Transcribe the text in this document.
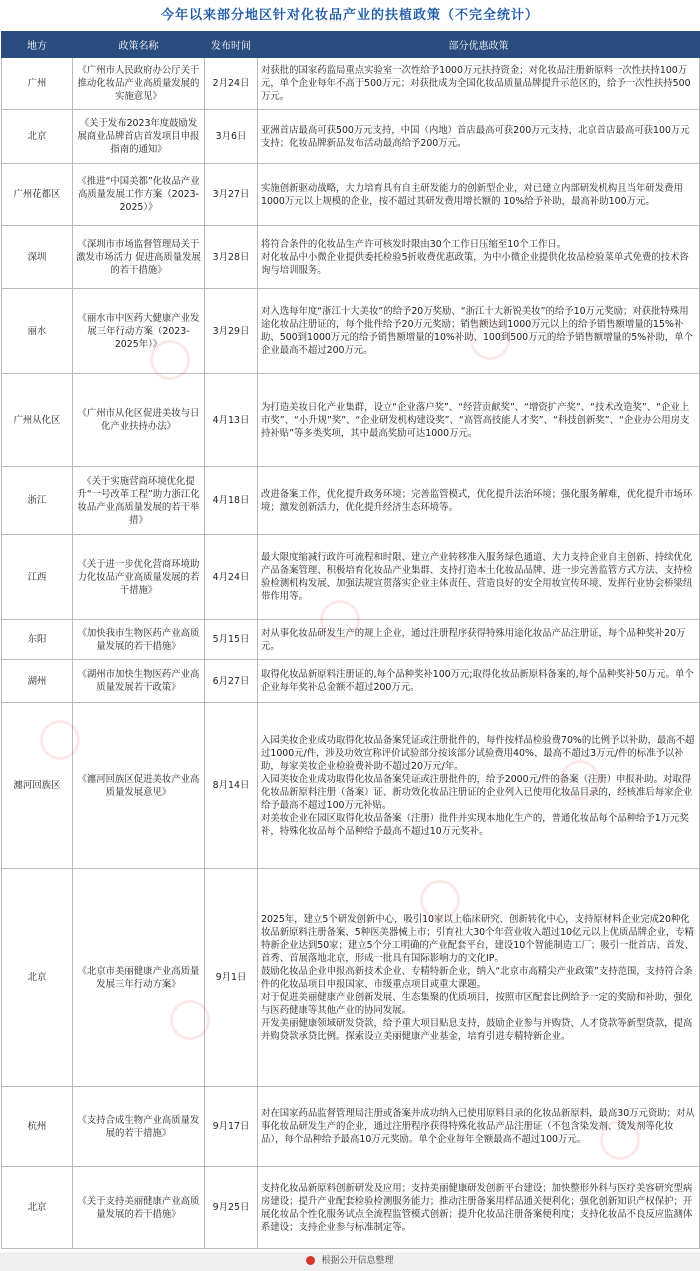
今年以来部分地区针对化妆品产业的扶植政策（不完全统计）
地方	政策名称	发布时间	部分优惠政策
广州	《广州市人民政府办公厅关于推动化妆品产业高质量发展的实施意见》	2月24日	对获批的国家药监局重点实验室一次性给予1000万元扶持资金；对化妆品注册新原料一次性扶持100万元，单个企业每年不高于500万元；对获批成为全国化妆品质量品牌提升示范区的，给予一次性扶持500万元。
北京	《关于发布2023年度鼓励发展商业品牌首店首发项目申报指南的通知》	3月6日	亚洲首店最高可获500万元支持，中国（内地）首店最高可获200万元支持，北京首店最高可获100万元支持；化妆品牌新品发布活动最高给予200万元。
广州花都区	《推进“中国美都”化妆品产业高质量发展工作方案（2023-2025）》	3月27日	实施创新驱动战略，大力培育具有自主研发能力的创新型企业，对已建立内部研发机构且当年研发费用1000万元以上规模的企业，按不超过其研发费用增长额的 10%给予补助，最高补助100万元。
深圳	《深圳市市场监督管理局关于激发市场活力 促进高质量发展的若干措施》	3月28日	将符合条件的化妆品生产许可核发时限由30个工作日压缩至10个工作日。
对化妆品中小微企业提供委托检验5折收费优惠政策，为中小微企业提供化妆品检验菜单式免费的技术咨询与培训服务。
丽水	《丽水市中医药大健康产业发展三年行动方案（2023-2025年）》	3月29日	对入选每年度“浙江十大美妆”的给予20万奖励、“浙江十大新锐美妆”的给予10万元奖励；对获批特殊用途化妆品注册证的，每个批件给予20万元奖励；销售额达到1000万元以上的给予销售额增量的15%补助、500到1000万元的给予销售额增量的10%补助、100到500万元的给予销售额增量的5%补助，单个企业最高不超过200万元。
广州从化区	《广州市从化区促进美妆与日化产业扶持办法》	4月13日	为打造美妆日化产业集群，设立“企业落户奖”、“经营贡献奖”、“增资扩产奖”、“技术改造奖”、“企业上市奖”、“小升规”奖”、“企业研发机构建设奖”、“高管高技能人才奖”、“科技创新奖”、“企业办公用房支持补贴”等多类奖项，其中最高奖励可达1000万元。
浙江	《关于实施营商环境优化提升“一号改革工程”助力浙江化妆品产业高质量发展的若干举措》	4月18日	改进备案工作，优化提升政务环境；完善监管模式，优化提升法治环境；强化服务解难，优化提升市场环境；激发创新活力，优化提升经济生态环境等。
江西	《关于进一步优化营商环境助力化妆品产业高质量发展的若干措施》	4月24日	最大限度缩减行政许可流程和时限、建立产业转移准入服务绿色通道、大力支持企业自主创新、持续优化产品备案管理、积极培育化妆品产业集群、支持打造本土化妆品品牌、进一步完善监管方式方法、支持检验检测机构发展、加强法规宣贯落实企业主体责任、营造良好的安全用妆宣传环境、发挥行业协会桥梁纽带作用等。
东阳	《加快我市生物医药产业高质量发展的若干措施》	5月15日	对从事化妆品研发生产的规上企业，通过注册程序获得特殊用途化妆品产品注册证，每个品种奖补20万元。
湖州	《湖州市加快生物医药产业高质量发展若干政策》	6月27日	取得化妆品新原料注册证的,每个品种奖补100万元;取得化妆品新原料备案的,每个品种奖补50万元。单个企业每年奖补总金额不超过200万元。
瀍河回族区	《瀍河回族区促进美妆产业高质量发展意见》	8月14日	入园美妆企业成功取得化妆品备案凭证或注册批件的，每件按样品检验费70%的比例予以补助，最高不超过1000元/件，涉及功效宣称评价试验部分按该部分试验费用40%、最高不超过3万元/件的标准予以补助，每家美妆企业检验费补助不超过20万元/年。
入园美妆企业成功取得化妆品备案凭证或注册批件的，给予2000元/件的备案（注册）申报补助。对取得化妆品新原料注册（备案）证、新功效化妆品注册证的企业列入已使用化妆品目录的，经核准后每家企业给予最高不超过100万元补贴。
对美妆企业在园区取得化妆品备案（注册）批件并实现本地化生产的，普通化妆品每个品种给予1万元奖补，特殊化妆品每个品种给予最高不超过10万元奖补。
北京	《北京市美丽健康产业高质量发展三年行动方案》	9月1日	2025年，建立5个研发创新中心，吸引10家以上临床研究、创新转化中心，支持原材料企业完成20种化妆品新原料注册备案、5种医美器械上市；引育社大30个年营业收入超过10亿元以上优质品牌企业，专精特新企业达到50家；建立5个分工明确的产业配套平台，建设10个智能制造工厂；吸引一批首店、首发、首秀、首展落地北京，形成一批具有国际影响力的文化IP。
鼓励化妆品企业申报高新技术企业、专精特新企业，纳入“北京市高精尖产业政策”支持范围，支持符合条件的化妆品项目申报国家、市级重点项目或重大课题。
对于促进美丽健康产业创新发展、生态集聚的优质项目，按照市区配套比例给予一定的奖励和补助，强化与医药健康等其他产业的协同发展。
开发美丽健康领域研发贷款，给予重大项目贴息支持，鼓励企业参与并购贷、人才贷款等新型贷款，提高并购贷款承贷比例。探索设立美丽健康产业基金，培育引进专精特新企业。
杭州	《支持合成生物产业高质量发展的若干措施》	9月17日	对在国家药品监督管理局注册或备案并成功纳入已使用原料目录的化妆品新原料，最高30万元资助；对从事化妆品研发生产的企业，通过注册程序获得特殊化妆品产品注册证（不包含染发剂、烫发剂等化妆品），每个品种给予最高10万元奖励。单个企业每年全额最高不超过100万元。
北京	《关于支持美丽健康产业高质量发展的若干措施》	9月25日	支持化妆品新原料创新研发及应用；支持美丽健康研发创新平台建设；加快整形外科与医疗美容研究型病房建设；提升产业配套检验检测服务能力；推动注册备案用样品通关便利化；强化创新知识产权保护；开展化妆品个性化服务试点全流程监管模式创新；提升化妆品注册备案便利度；支持化妆品不良反应监测体系建设；支持企业参与标准制定等。
根据公开信息整理
